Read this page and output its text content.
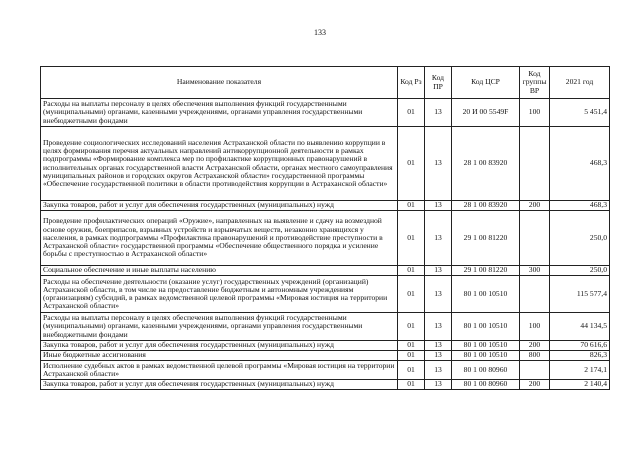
133
Наименование показателя	Код Рз	Код ПР	Код ЦСР	Код группы ВР	2021 год
Расходы на выплаты персоналу в целях обеспечения выполнения функций государственными (муниципальными) органами, казенными учреждениями, органами управления государственными внебюджетными фондами	01	13	20 И 00 5549F	100	5 451,4
Проведение социологических исследований населения Астраханской области по выявлению коррупции в целях формирования перечня актуальных направлений антикоррупционной деятельности в рамках подпрограммы «Формирование комплекса мер по профилактике коррупционных правонарушений в исполнительных органах государственной власти Астраханской области, органах местного самоуправления муниципальных районов и городских округов Астраханской области» государственной программы «Обеспечение государственной политики в области противодействия коррупции в Астраханской области»	01	13	28 1 00 83920		468,3
Закупка товаров, работ и услуг для обеспечения государственных (муниципальных) нужд	01	13	28 1 00 83920	200	468,3
Проведение профилактических операций «Оружие», направленных на выявление и сдачу на возмездной основе оружия, боеприпасов, взрывных устройств и взрывчатых веществ, незаконно хранящихся у населения, в рамках подпрограммы «Профилактика правонарушений и противодействие преступности в Астраханской области» государственной программы «Обеспечение общественного порядка и усиление борьбы с преступностью в Астраханской области»	01	13	29 1 00 81220		250,0
Социальное обеспечение и иные выплаты населению	01	13	29 1 00 81220	300	250,0
Расходы на обеспечение деятельности (оказание услуг) государственных учреждений (организаций) Астраханской области, в том числе на предоставление бюджетным и автономным учреждениям (организациям) субсидий, в рамках ведомственной целевой программы «Мировая юстиция на территории Астраханской области»	01	13	80 1 00 10510		115 577,4
Расходы на выплаты персоналу в целях обеспечения выполнения функций государственными (муниципальными) органами, казенными учреждениями, органами управления государственными внебюджетными фондами	01	13	80 1 00 10510	100	44 134,5
Закупка товаров, работ и услуг для обеспечения государственных (муниципальных) нужд	01	13	80 1 00 10510	200	70 616,6
Иные бюджетные ассигнования	01	13	80 1 00 10510	800	826,3
Исполнение судебных актов в рамках ведомственной целевой программы «Мировая юстиция на территории Астраханской области»	01	13	80 1 00 80960		2 174,1
Закупка товаров, работ и услуг для обеспечения государственных (муниципальных) нужд	01	13	80 1 00 80960	200	2 140,4
